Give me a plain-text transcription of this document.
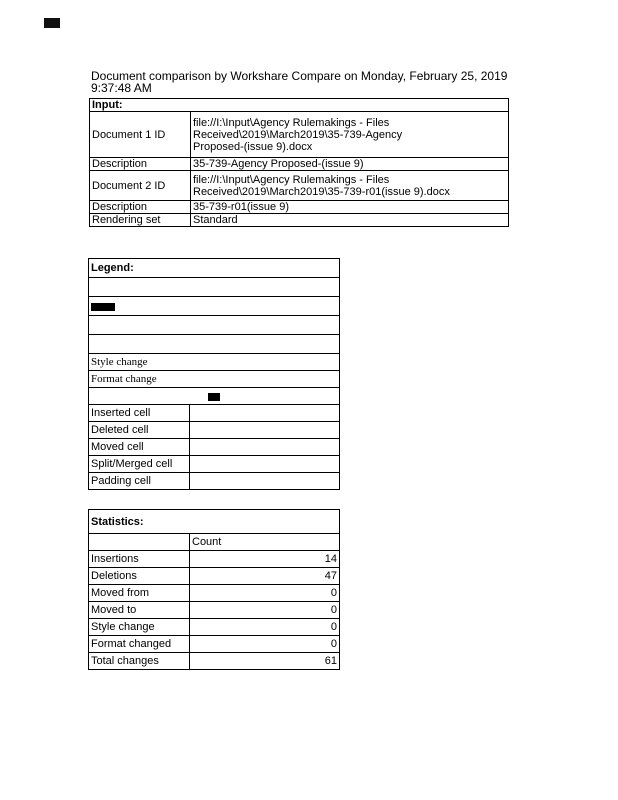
Document comparison by Workshare Compare on Monday, February 25, 2019
9:37:48 AM
Input:	
Document 1 ID	file://I:\Input\Agency Rulemakings - Files
Received\2019\March2019\35-739-Agency
Proposed-(issue 9).docx

Description	35-739-Agency Proposed-(issue 9)
Document 2 ID	file://I:\Input\Agency Rulemakings - Files
Received\2019\March2019\35-739-r01(issue 9).docx

Description	35-739-r01(issue 9)
Rendering set	Standard
Legend:	

Style change	
Format change	

Inserted cell	
Deleted cell	
Moved cell	
Split/Merged cell	
Padding cell	
Statistics:	
	Count
Insertions	14
Deletions	47
Moved from	0
Moved to	0
Style change	0
Format changed	0
Total changes	61
